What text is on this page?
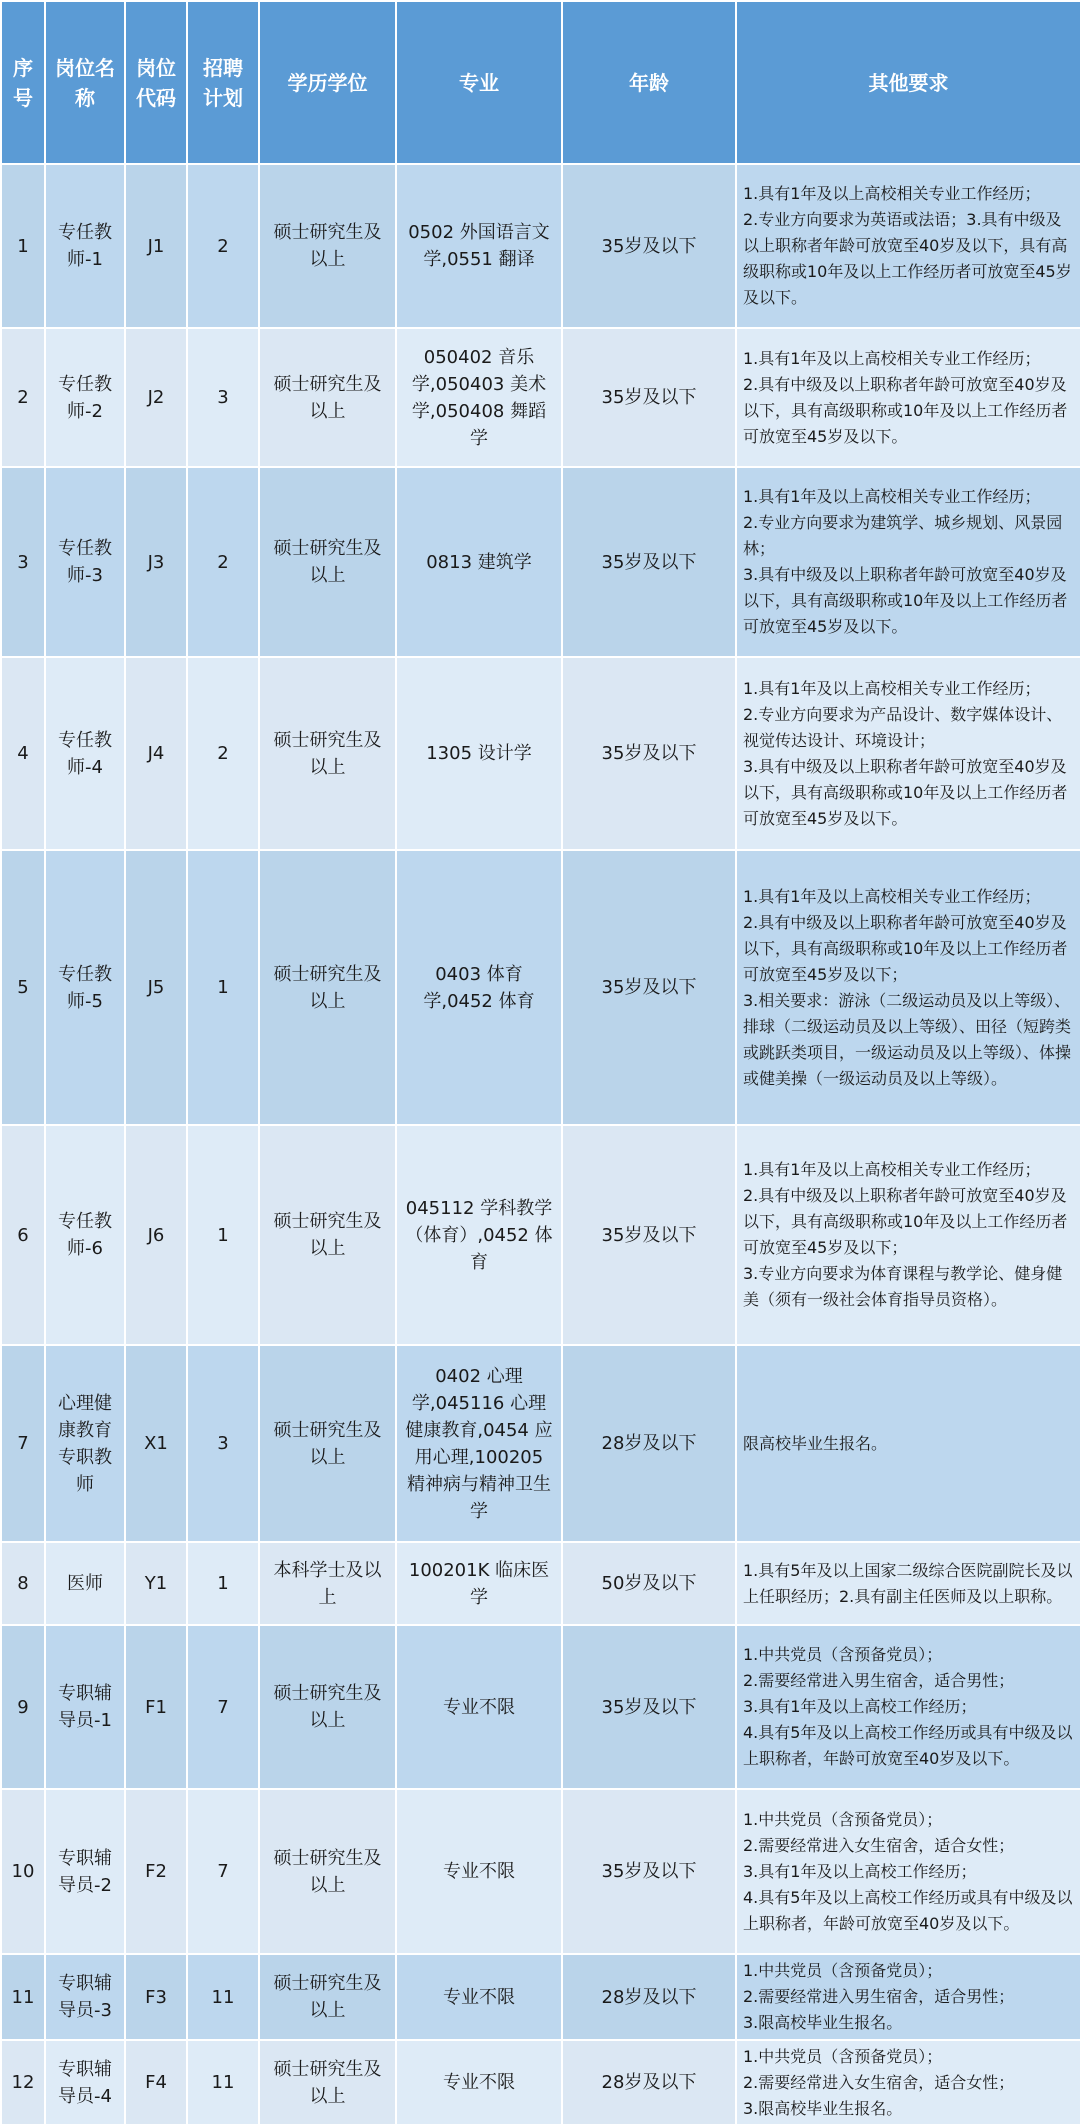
序号	岗位名称	岗位代码	招聘计划	学历学位	专业	年龄	其他要求
1	专任教师-1	J1	2	硕士研究生及以上	0502 外国语言文学,0551 翻译	35岁及以下	1.具有1年及以上高校相关专业工作经历；
2.专业方向要求为英语或法语；3.具有中级及以上职称者年龄可放宽至40岁及以下，具有高级职称或10年及以上工作经历者可放宽至45岁及以下。

2	专任教师-2	J2	3	硕士研究生及以上	050402 音乐学,050403 美术学,050408 舞蹈学	35岁及以下	1.具有1年及以上高校相关专业工作经历；
2.具有中级及以上职称者年龄可放宽至40岁及以下，具有高级职称或10年及以上工作经历者可放宽至45岁及以下。

3	专任教师-3	J3	2	硕士研究生及以上	0813 建筑学	35岁及以下	1.具有1年及以上高校相关专业工作经历；
2.专业方向要求为建筑学、城乡规划、风景园林；
3.具有中级及以上职称者年龄可放宽至40岁及以下，具有高级职称或10年及以上工作经历者可放宽至45岁及以下。

4	专任教师-4	J4	2	硕士研究生及以上	1305 设计学	35岁及以下	1.具有1年及以上高校相关专业工作经历；
2.专业方向要求为产品设计、数字媒体设计、视觉传达设计、环境设计；
3.具有中级及以上职称者年龄可放宽至40岁及以下，具有高级职称或10年及以上工作经历者可放宽至45岁及以下。

5	专任教师-5	J5	1	硕士研究生及以上	0403 体育学,0452 体育	35岁及以下	1.具有1年及以上高校相关专业工作经历；
2.具有中级及以上职称者年龄可放宽至40岁及以下，具有高级职称或10年及以上工作经历者可放宽至45岁及以下；
3.相关要求：游泳（二级运动员及以上等级）、排球（二级运动员及以上等级）、田径（短跨类或跳跃类项目，一级运动员及以上等级）、体操或健美操（一级运动员及以上等级）。

6	专任教师-6	J6	1	硕士研究生及以上	045112 学科教学（体育）,0452 体育	35岁及以下	1.具有1年及以上高校相关专业工作经历；
2.具有中级及以上职称者年龄可放宽至40岁及以下，具有高级职称或10年及以上工作经历者可放宽至45岁及以下；
3.专业方向要求为体育课程与教学论、健身健美（须有一级社会体育指导员资格）。

7	心理健康教育专职教师	X1	3	硕士研究生及以上	0402 心理学,045116 心理健康教育,0454 应用心理,100205 精神病与精神卫生学	28岁及以下	限高校毕业生报名。

8	医师	Y1	1	本科学士及以上	100201K 临床医学	50岁及以下	1.具有5年及以上国家二级综合医院副院长及以上任职经历；2.具有副主任医师及以上职称。

9	专职辅导员-1	F1	7	硕士研究生及以上	专业不限	35岁及以下	1.中共党员（含预备党员）；
2.需要经常进入男生宿舍，适合男性；
3.具有1年及以上高校工作经历；
4.具有5年及以上高校工作经历或具有中级及以上职称者，年龄可放宽至40岁及以下。

10	专职辅导员-2	F2	7	硕士研究生及以上	专业不限	35岁及以下	1.中共党员（含预备党员）；
2.需要经常进入女生宿舍，适合女性；
3.具有1年及以上高校工作经历；
4.具有5年及以上高校工作经历或具有中级及以上职称者，年龄可放宽至40岁及以下。

11	专职辅导员-3	F3	11	硕士研究生及以上	专业不限	28岁及以下	1.中共党员（含预备党员）；
2.需要经常进入男生宿舍，适合男性；
3.限高校毕业生报名。

12	专职辅导员-4	F4	11	硕士研究生及以上	专业不限	28岁及以下	1.中共党员（含预备党员）；
2.需要经常进入女生宿舍，适合女性；
3.限高校毕业生报名。
